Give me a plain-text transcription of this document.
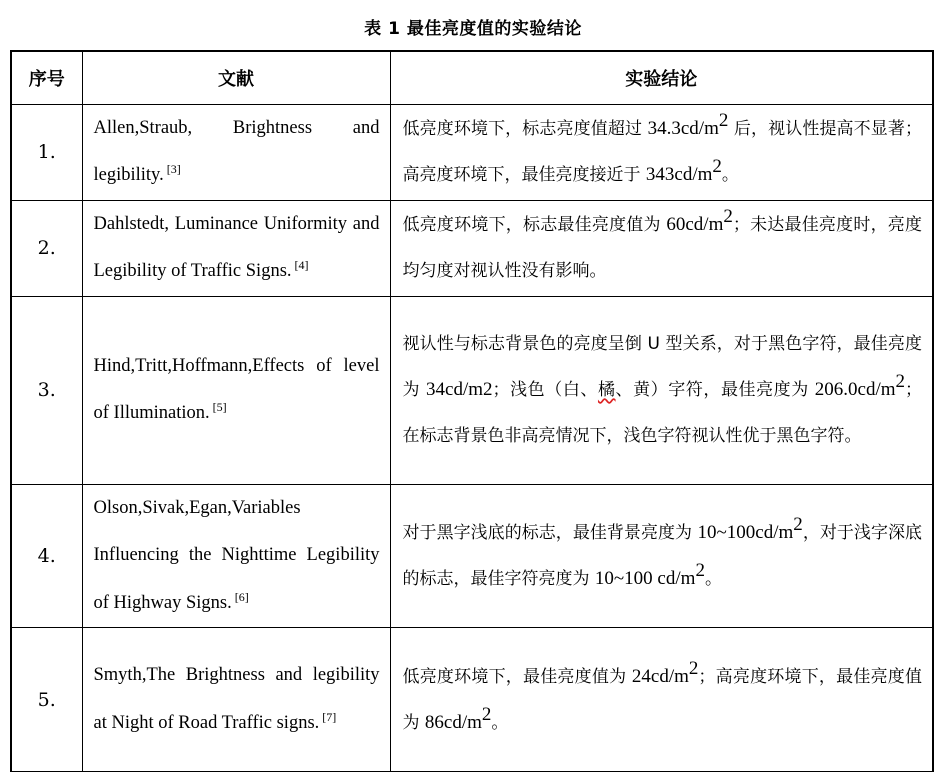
表 1 最佳亮度值的实验结论
序号	文献	实验结论
1.	Allen,Straub, Brightness and legibility. [3]	低亮度环境下，标志亮度值超过 $34.3cd/m^2$ 后，视认性提高不显著；高亮度环境下，最佳亮度接近于 $343cd/m^2$。
2.	Dahlstedt, Luminance Uniformity and Legibility of Traffic Signs. [4]	低亮度环境下，标志最佳亮度值为 $60cd/m^2$；未达最佳亮度时，亮度均匀度对视认性没有影响。
3.	Hind,Tritt,Hoffmann,Effects of level of Illumination. [5]	视认性与标志背景色的亮度呈倒 U 型关系，对于黑色字符，最佳亮度为 34cd/m2；浅色（白、橘、黄）字符，最佳亮度为 $206.0cd/m^2$；在标志背景色非高亮情况下，浅色字符视认性优于黑色字符。
4.	Olson,Sivak,Egan,Variables Influencing the Nighttime Legibility of Highway Signs. [6]	对于黑字浅底的标志，最佳背景亮度为 $10\sim 100cd/m^2$，对于浅字深底的标志，最佳字符亮度为 10~100 $cd/m^2$。
5.	Smyth,The Brightness and legibility at Night of Road Traffic signs. [7]	低亮度环境下，最佳亮度值为 $24cd/m^2$；高亮度环境下，最佳亮度值为 $86cd/m^2$。
